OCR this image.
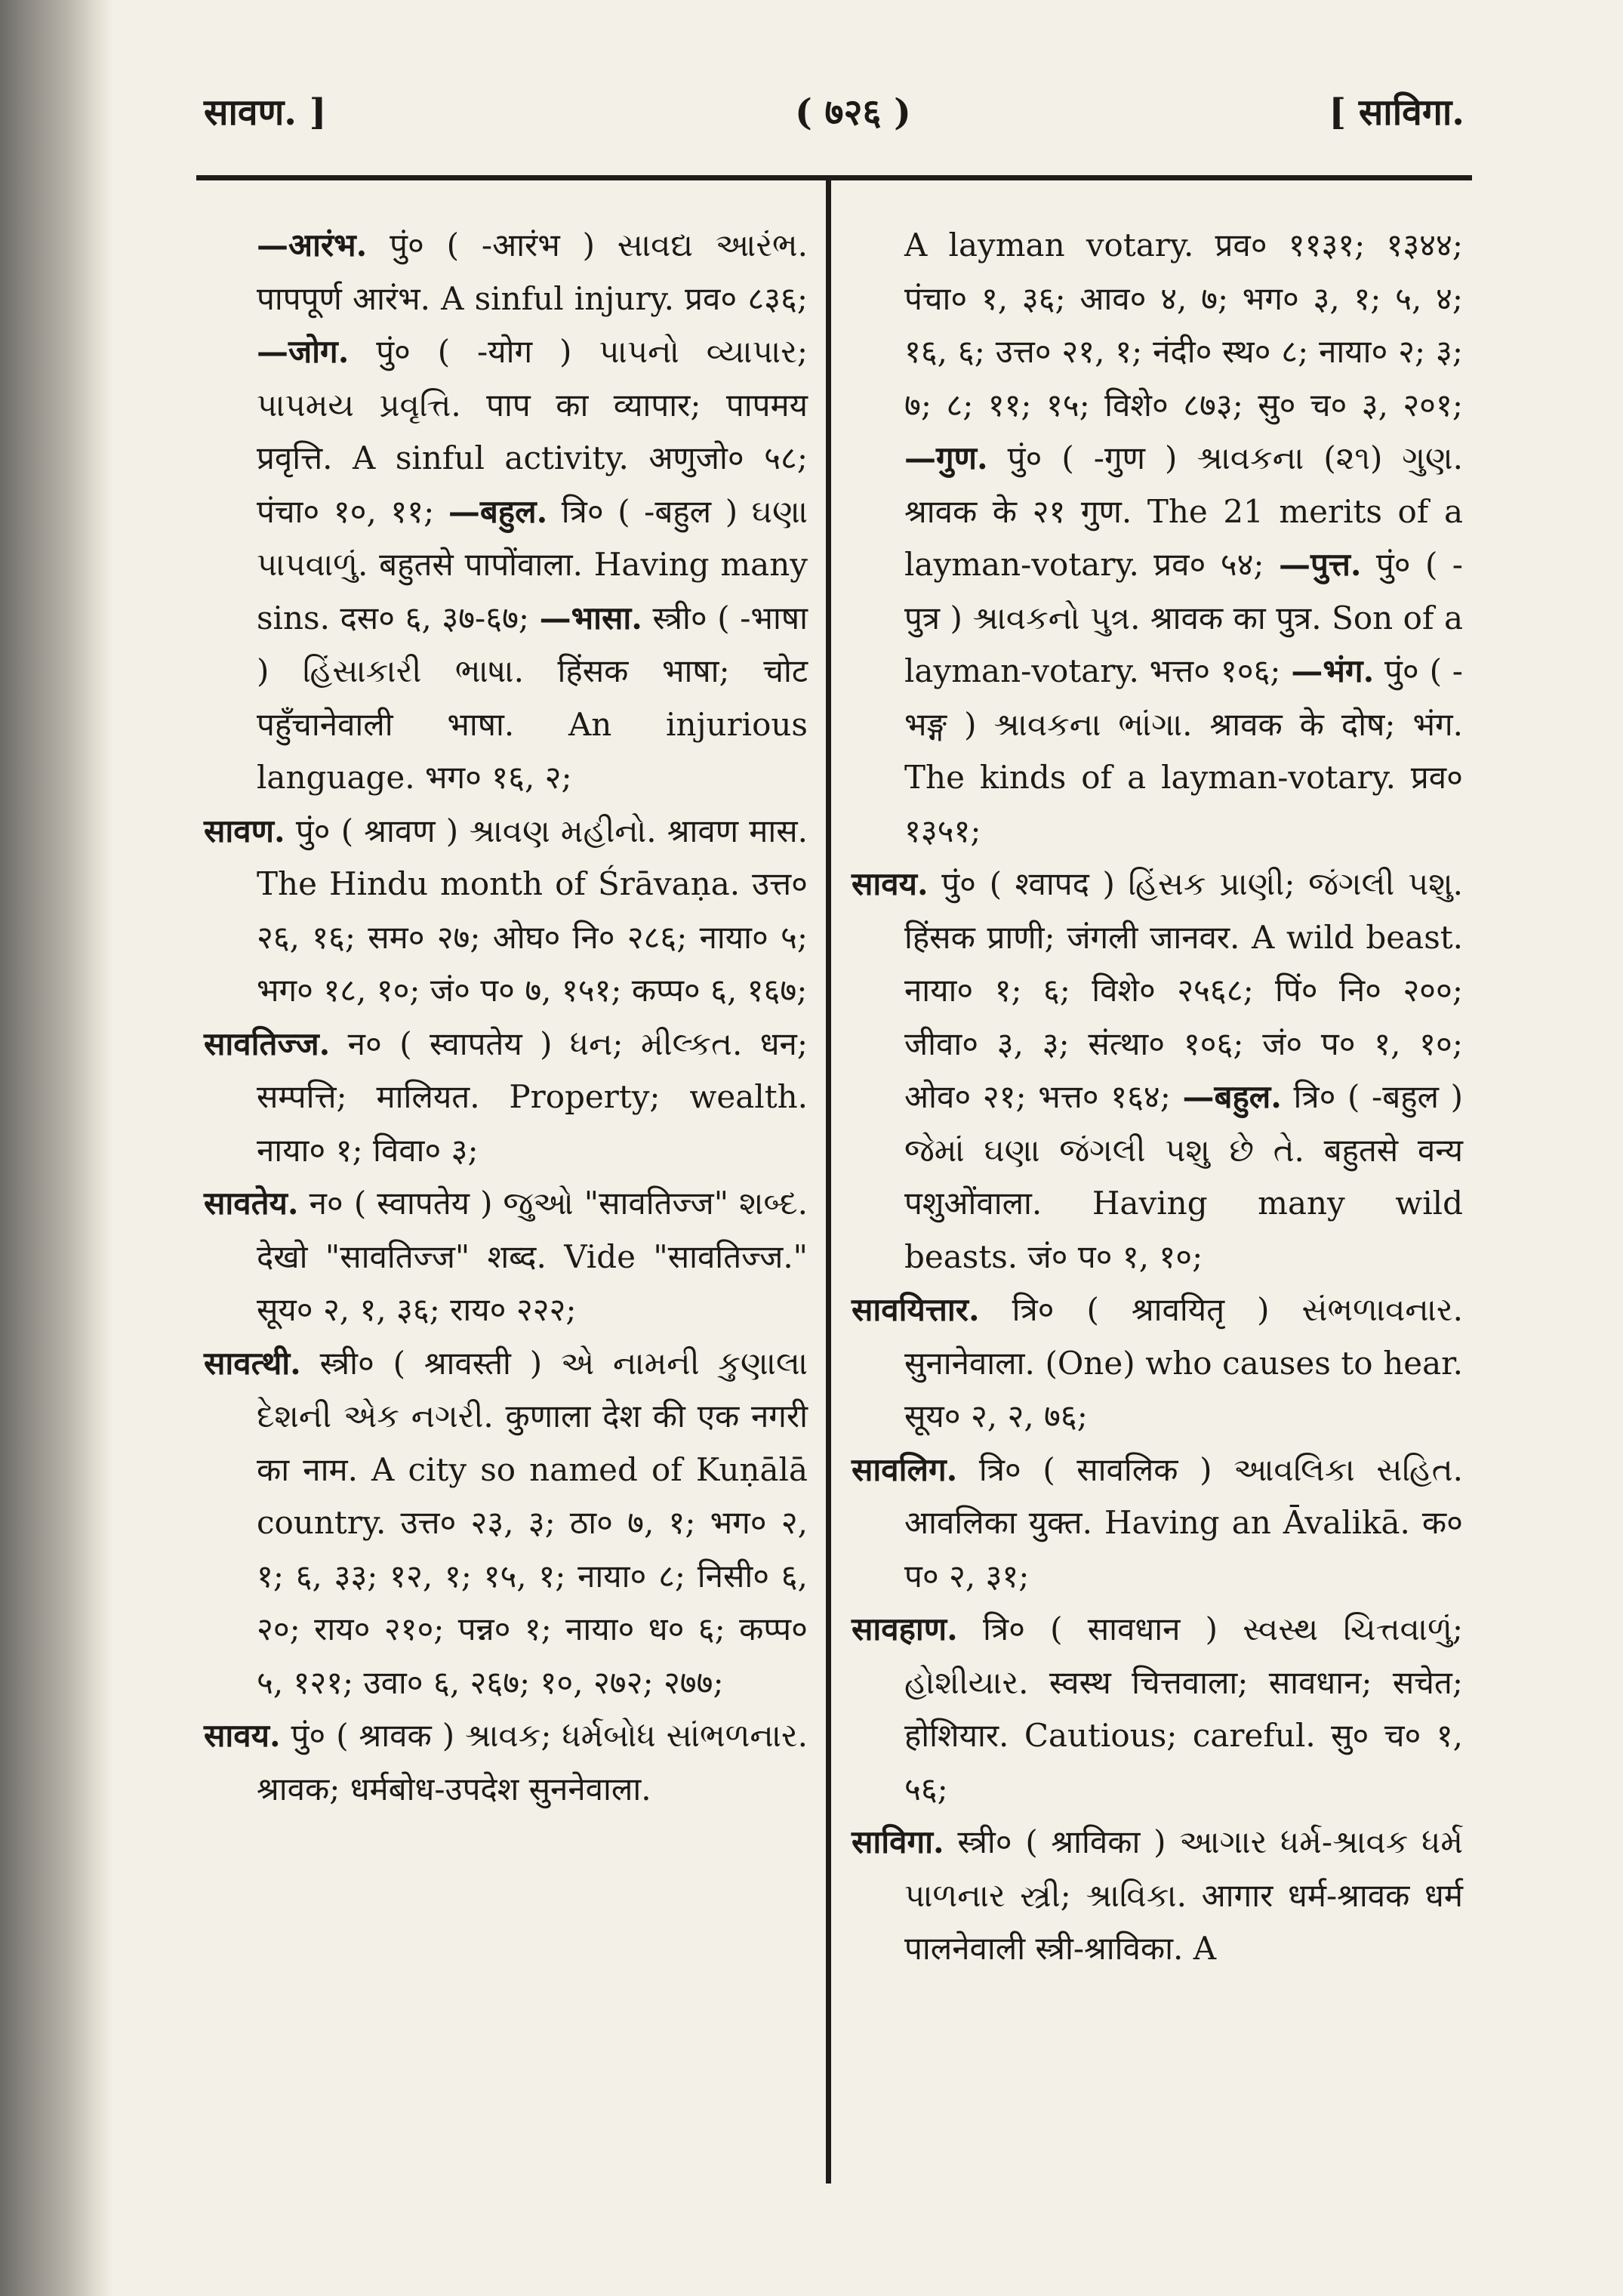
सावण. ]	( ७२६ )	[ साविगा.

—आरंभ. पुं० ( -आरंभ ) સાવદ્ય આરંભ. पापपूर्ण आरंभ. A sinful injury. प्रव० ८३६; —जोग. पुं० ( -योग ) પાપનો વ્યાપાર; પાપમય પ્રવૃત્તિ. पाप का व्यापार; पापमय प्रवृत्ति. A sinful activity. अणुजो० ५८; पंचा० १०, ११; —बहुल. त्रि० ( -बहुल ) ઘણા પાપવાળું. बहुतसे पापोंवाला. Having many sins. दस० ६, ३७-६७; —भासा. स्त्री० ( -भाषा ) હિંસાકારી ભાષા. हिंसक भाषा; चोट पहुँचानेवाली भाषा. An injurious language. भग० १६, २;

सावण. पुं० ( श्रावण ) શ્રાવણ મહીનો. श्रावण मास. The Hindu month of Śrāvaṇa. उत्त० २६, १६; सम० २७; ओघ० नि० २८६; नाया० ५; भग० १८, १०; जं० प० ७, १५१; कप्प० ६, १६७;

सावतिज्ज. न० ( स्वापतेय ) ધન; મીલ્કત. धन; सम्पत्ति; मालियत. Property; wealth. नाया० १; विवा० ३;

सावतेय. न० ( स्वापतेय ) જુઓ "सावतिज्ज" શબ્દ. देखो "सावतिज्ज" शब्द. Vide "सावतिज्ज." सूय० २, १, ३६; राय० २२२;

सावत्थी. स्त्री० ( श्रावस्ती ) એ નામની કુણાલા દેશની એક નગરી. कुणाला देश की एक नगरी का नाम. A city so named of Kuṇālā country. उत्त० २३, ३; ठा० ७, १; भग० २, १; ६, ३३; १२, १; १५, १; नाया० ८; निसी० ६, २०; राय० २१०; पन्न० १; नाया० ध० ६; कप्प० ५, १२१; उवा० ६, २६७; १०, २७२; २७७;

सावय. पुं० ( श्रावक ) શ્રાવક; ધર્મબોધ સાંભળનાર. श्रावक; धर्मबोध-उपदेश सुननेवाला.

A layman votary. प्रव० ११३१; १३४४; पंचा० १, ३६; आव० ४, ७; भग० ३, १; ५, ४; १६, ६; उत्त० २१, १; नंदी० स्थ० ८; नाया० २; ३; ७; ८; ११; १५; विशे० ८७३; सु० च० ३, २०१; —गुण. पुं० ( -गुण ) શ્રાવકના (૨૧) ગુણ. श्रावक के २१ गुण. The 21 merits of a layman-votary. प्रव० ५४; —पुत्त. पुं० ( -पुत्र ) શ્રાવકનો પુત્ર. श्रावक का पुत्र. Son of a layman-votary. भत्त० १०६; —भंग. पुं० ( -भङ्ग ) શ્રાવકના ભાંગા. श्रावक के दोष; भंग. The kinds of a layman-votary. प्रव० १३५१;

सावय. पुं० ( श्वापद ) હિંસક પ્રાણી; જંગલી પશુ. हिंसक प्राणी; जंगली जानवर. A wild beast. नाया० १; ६; विशे० २५६८; पिं० नि० २००; जीवा० ३, ३; संत्था० १०६; जं० प० १, १०; ओव० २१; भत्त० १६४; —बहुल. त्रि० ( -बहुल ) જેમાં ઘણા જંગલી પશુ છે તે. बहुतसे वन्य पशुओंवाला. Having many wild beasts. जं० प० १, १०;

सावयित्तार. त्रि० ( श्रावयितृ ) સંભળાવનાર. सुनानेवाला. (One) who causes to hear. सूय० २, २, ७६;

सावलिग. त्रि० ( सावलिक ) આવલિકા સહિત. आवलिका युक्त. Having an Āvalikā. क० प० २, ३१;

सावहाण. त्रि० ( सावधान ) સ્વસ્થ ચિત્તવાળું; હોશીયાર. स्वस्थ चित्तवाला; सावधान; सचेत; होशियार. Cautious; careful. सु० च० १, ५६;

साविगा. स्त्री० ( श्राविका ) આગાર ધર્મ-શ્રાવક ધર્મ પાળનાર સ્ત્રી; શ્રાવિકા. आगार धर्म-श्रावक धर्म पालनेवाली स्त्री-श्राविका. A
